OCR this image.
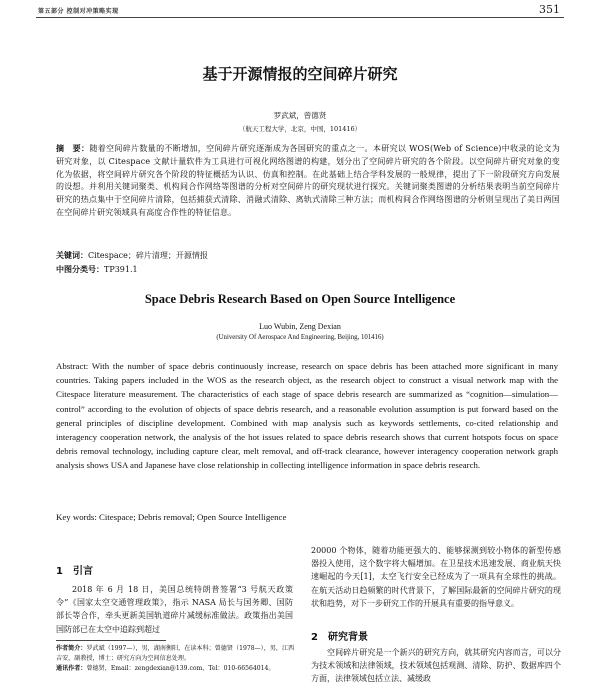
第五部分 控制对冲策略实现	351
基于开源情报的空间碎片研究
罗武斌，曾德贤
（航天工程大学，北京，中国，101416）
摘　要：随着空间碎片数量的不断增加，空间碎片研究逐渐成为各国研究的重点之一。本研究以 WOS(Web of Science)中收录的论文为研究对象，以 Citespace 文献计量软件为工具进行可视化网络图谱的构建，划分出了空间碎片研究的各个阶段。以空间碎片研究对象的变化为依据，将空间碎片研究各个阶段的特征概括为认识、仿真和控制。在此基础上结合学科发展的一般规律，提出了下一阶段研究方向发展的设想。并利用关键词聚类、机构间合作网络等图谱的分析对空间碎片的研究现状进行探究。关键词聚类图谱的分析结果表明当前空间碎片研究的热点集中于空间碎片清除，包括捕获式清除、消融式清除、离轨式清除三种方法；而机构间合作网络图谱的分析则呈现出了美日两国在空间碎片研究领域具有高度合作性的特征信息。
关键词：Citespace；碎片清理；开源情报
中图分类号：TP391.1
Space Debris Research Based on Open Source Intelligence
Luo Wubin, Zeng Dexian
(University Of Aerospace And Engineering, Beijing, 101416)
Abstract: With the number of space debris continuously increase, research on space debris has been attached more significant in many countries. Taking papers included in the WOS as the research object, as the research object to construct a visual network map with the Citespace literature measurement. The characteristics of each stage of space debris research are summarized as “cognition—simulation—control” according to the evolution of objects of space debris research, and a reasonable evolution assumption is put forward based on the general principles of discipline development. Combined with map analysis such as keywords settlements, co-cited relationship and interagency cooperation network, the analysis of the hot issues related to space debris research shows that current hotspots focus on space debris removal technology, including capture clear, melt removal, and off-track clearance, however interagency cooperation network graph analysis shows USA and Japanese have close relationship in collecting intelligence information in space debris research.
Key words: Citespace; Debris removal; Open Source Intelligence
1 引言
2018 年 6 月 18 日，美国总统特朗普签署“3 号航天政策令”《国家太空交通管理政策》，指示 NASA 局长与国务卿、国防部长等合作，牵头更新美国轨道碎片减缓标准做法。政策指出美国国防部已在太空中追踪到超过
20000 个物体，随着功能更强大的、能够探测到较小物体的新型传感器投入使用，这个数字将大幅增加。在卫星技术迅速发展、商业航天快速崛起的今天[1]，太空飞行安全已经成为了一项具有全球性的挑战。在航天活动日趋频繁的时代背景下，了解国际最新的空间碎片研究的现状和趋势，对下一步研究工作的开展具有重要的指导意义。
2 研究背景
空间碎片研究是一个新兴的研究方向，就其研究内容而言，可以分为技术领域和法律领域，技术领域包括观测、清除、防护、数据库四个方面，法律领域包括立法、减缓政
作者简介：罗武斌（1997—），男，湖南衡阳，在读本科；曾德贤（1978—），男，江西吉安，副教授，博士；研究方向为空间信息处理。
通讯作者：曾德贤，Email：zengdexian@139.com，Tel：010-66564014。
